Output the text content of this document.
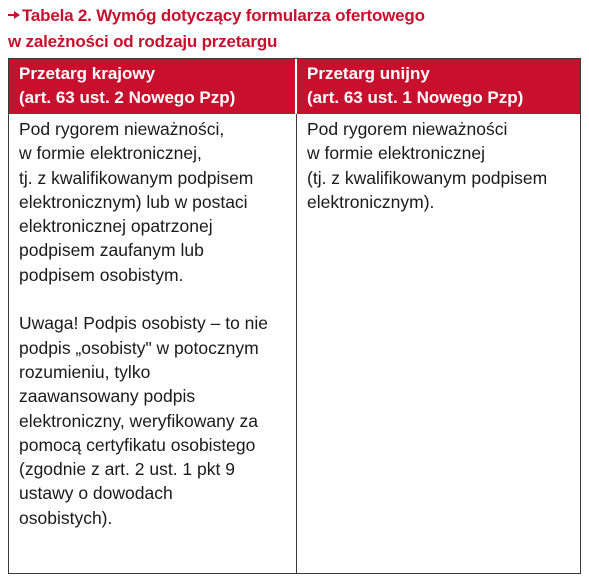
Tabela 2. Wymóg dotyczący formularza ofertowego
w zależności od rodzaju przetargu
Przetarg krajowy
(art. 63 ust. 2 Nowego Pzp)
Przetarg unijny
(art. 63 ust. 1 Nowego Pzp)
Pod rygorem nieważności,
w formie elektronicznej,
tj. z kwalifikowanym podpisem
elektronicznym) lub w postaci
elektronicznej opatrzonej
podpisem zaufanym lub
podpisem osobistym.
Uwaga! Podpis osobisty – to nie
podpis „osobisty" w potocznym
rozumieniu, tylko
zaawansowany podpis
elektroniczny, weryfikowany za
pomocą certyfikatu osobistego
(zgodnie z art. 2 ust. 1 pkt 9
ustawy o dowodach
osobistych).
Pod rygorem nieważności
w formie elektronicznej
(tj. z kwalifikowanym podpisem
elektronicznym).
